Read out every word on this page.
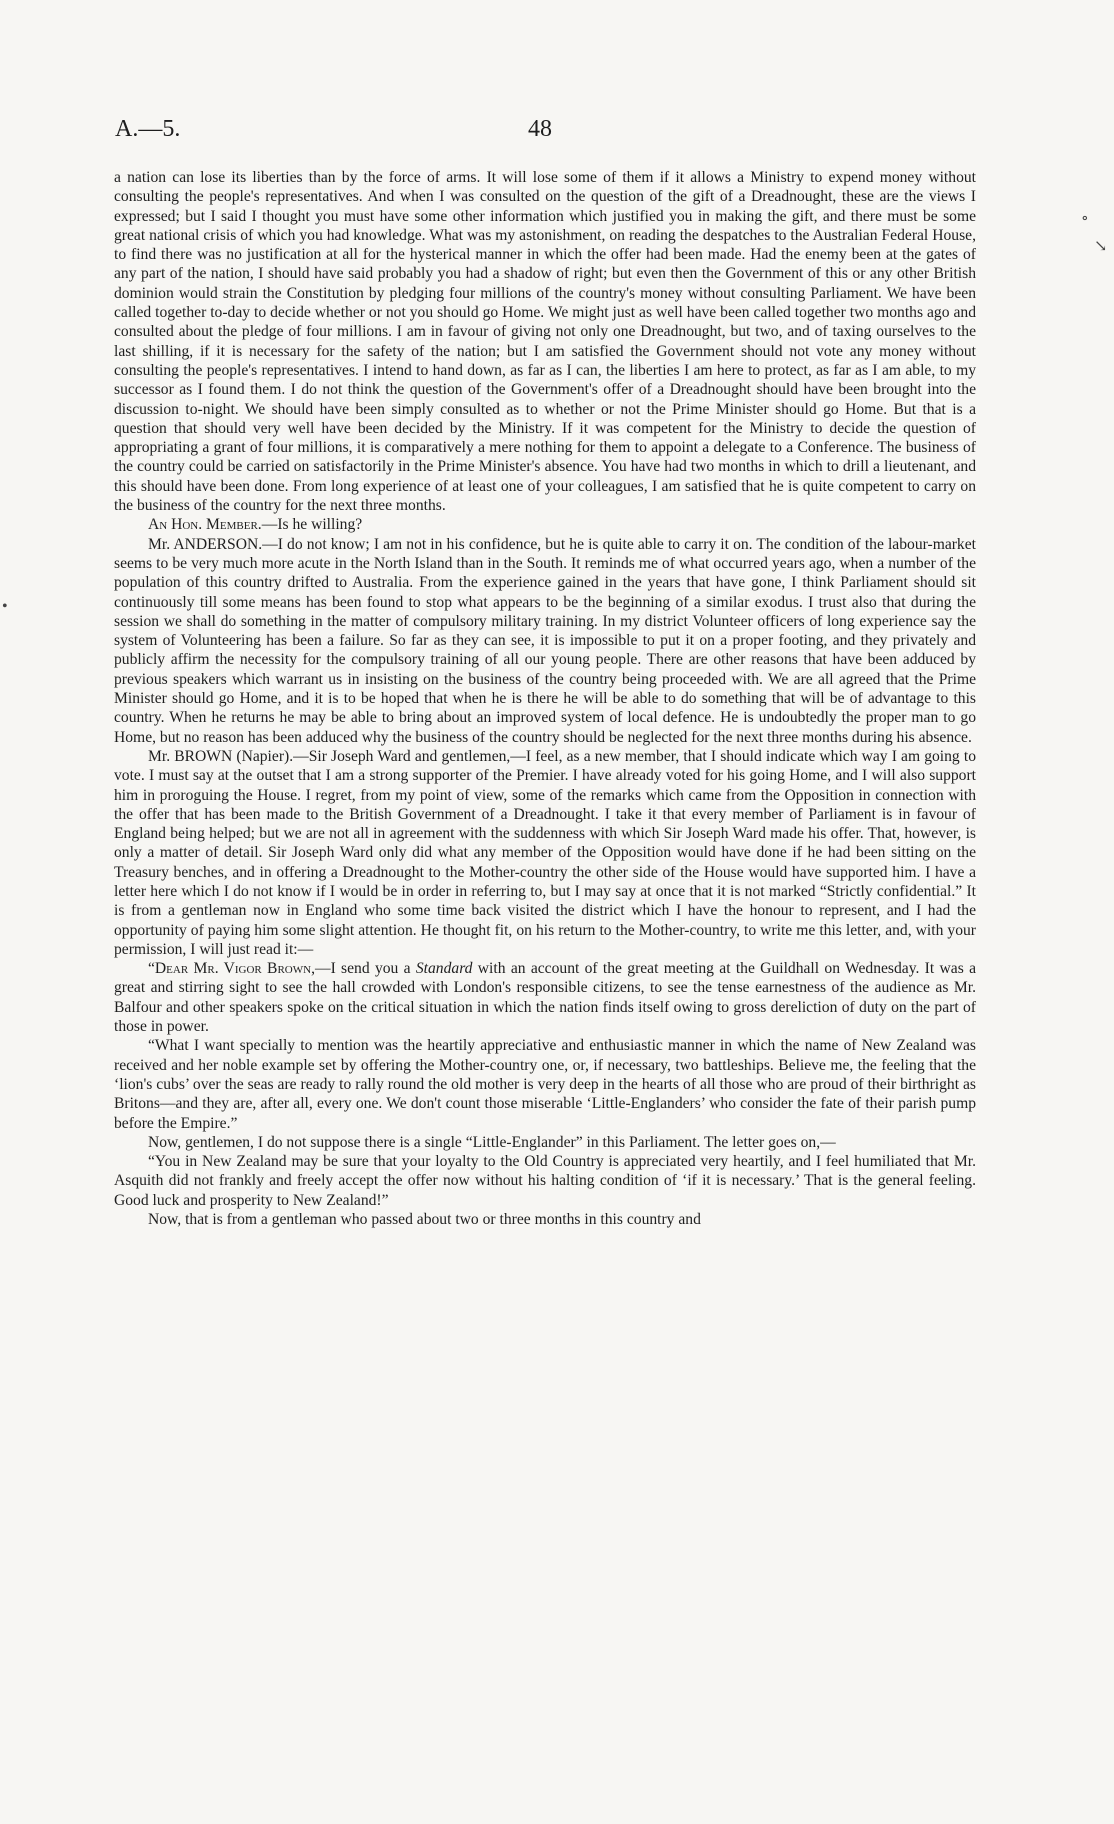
A.—5.	48
∘
↘
•

a nation can lose its liberties than by the force of arms. It will lose some of them if it allows a Ministry to expend money without consulting the people's representatives. And when I was consulted on the question of the gift of a Dreadnought, these are the views I expressed; but I said I thought you must have some other information which justified you in making the gift, and there must be some great national crisis of which you had knowledge. What was my astonishment, on reading the despatches to the Australian Federal House, to find there was no justification at all for the hysterical manner in which the offer had been made. Had the enemy been at the gates of any part of the nation, I should have said probably you had a shadow of right; but even then the Government of this or any other British dominion would strain the Constitution by pledging four millions of the country's money without consulting Parliament. We have been called together to-day to decide whether or not you should go Home. We might just as well have been called together two months ago and consulted about the pledge of four millions. I am in favour of giving not only one Dreadnought, but two, and of taxing ourselves to the last shilling, if it is necessary for the safety of the nation; but I am satisfied the Government should not vote any money without consulting the people's representatives. I intend to hand down, as far as I can, the liberties I am here to protect, as far as I am able, to my successor as I found them. I do not think the question of the Government's offer of a Dreadnought should have been brought into the discussion to-night. We should have been simply consulted as to whether or not the Prime Minister should go Home. But that is a question that should very well have been decided by the Ministry. If it was competent for the Ministry to decide the question of appropriating a grant of four millions, it is comparatively a mere nothing for them to appoint a delegate to a Conference. The business of the country could be carried on satisfactorily in the Prime Minister's absence. You have had two months in which to drill a lieutenant, and this should have been done. From long experience of at least one of your colleagues, I am satisfied that he is quite competent to carry on the business of the country for the next three months.

An Hon. Member.—Is he willing?

Mr. ANDERSON.—I do not know; I am not in his confidence, but he is quite able to carry it on. The condition of the labour-market seems to be very much more acute in the North Island than in the South. It reminds me of what occurred years ago, when a number of the population of this country drifted to Australia. From the experience gained in the years that have gone, I think Parliament should sit continuously till some means has been found to stop what appears to be the beginning of a similar exodus. I trust also that during the session we shall do something in the matter of compulsory military training. In my district Volunteer officers of long experience say the system of Volunteering has been a failure. So far as they can see, it is impossible to put it on a proper footing, and they privately and publicly affirm the necessity for the compulsory training of all our young people. There are other reasons that have been adduced by previous speakers which warrant us in insisting on the business of the country being proceeded with. We are all agreed that the Prime Minister should go Home, and it is to be hoped that when he is there he will be able to do something that will be of advantage to this country. When he returns he may be able to bring about an improved system of local defence. He is undoubtedly the proper man to go Home, but no reason has been adduced why the business of the country should be neglected for the next three months during his absence.

Mr. BROWN (Napier).—Sir Joseph Ward and gentlemen,—I feel, as a new member, that I should indicate which way I am going to vote. I must say at the outset that I am a strong supporter of the Premier. I have already voted for his going Home, and I will also support him in proroguing the House. I regret, from my point of view, some of the remarks which came from the Opposition in connection with the offer that has been made to the British Government of a Dreadnought. I take it that every member of Parliament is in favour of England being helped; but we are not all in agreement with the suddenness with which Sir Joseph Ward made his offer. That, however, is only a matter of detail. Sir Joseph Ward only did what any member of the Opposition would have done if he had been sitting on the Treasury benches, and in offering a Dreadnought to the Mother-country the other side of the House would have supported him. I have a letter here which I do not know if I would be in order in referring to, but I may say at once that it is not marked “Strictly confidential.” It is from a gentleman now in England who some time back visited the district which I have the honour to represent, and I had the opportunity of paying him some slight attention. He thought fit, on his return to the Mother-country, to write me this letter, and, with your permission, I will just read it:—

“Dear Mr. Vigor Brown,—I send you a Standard with an account of the great meeting at the Guildhall on Wednesday. It was a great and stirring sight to see the hall crowded with London's responsible citizens, to see the tense earnestness of the audience as Mr. Balfour and other speakers spoke on the critical situation in which the nation finds itself owing to gross dereliction of duty on the part of those in power.

“What I want specially to mention was the heartily appreciative and enthusiastic manner in which the name of New Zealand was received and her noble example set by offering the Mother-country one, or, if necessary, two battleships. Believe me, the feeling that the ‘lion's cubs’ over the seas are ready to rally round the old mother is very deep in the hearts of all those who are proud of their birthright as Britons—and they are, after all, every one. We don't count those miserable ‘Little-Englanders’ who consider the fate of their parish pump before the Empire.”

Now, gentlemen, I do not suppose there is a single “Little-Englander” in this Parliament. The letter goes on,—

“You in New Zealand may be sure that your loyalty to the Old Country is appreciated very heartily, and I feel humiliated that Mr. Asquith did not frankly and freely accept the offer now without his halting condition of ‘if it is necessary.’ That is the general feeling. Good luck and prosperity to New Zealand!”

Now, that is from a gentleman who passed about two or three months in this country and
